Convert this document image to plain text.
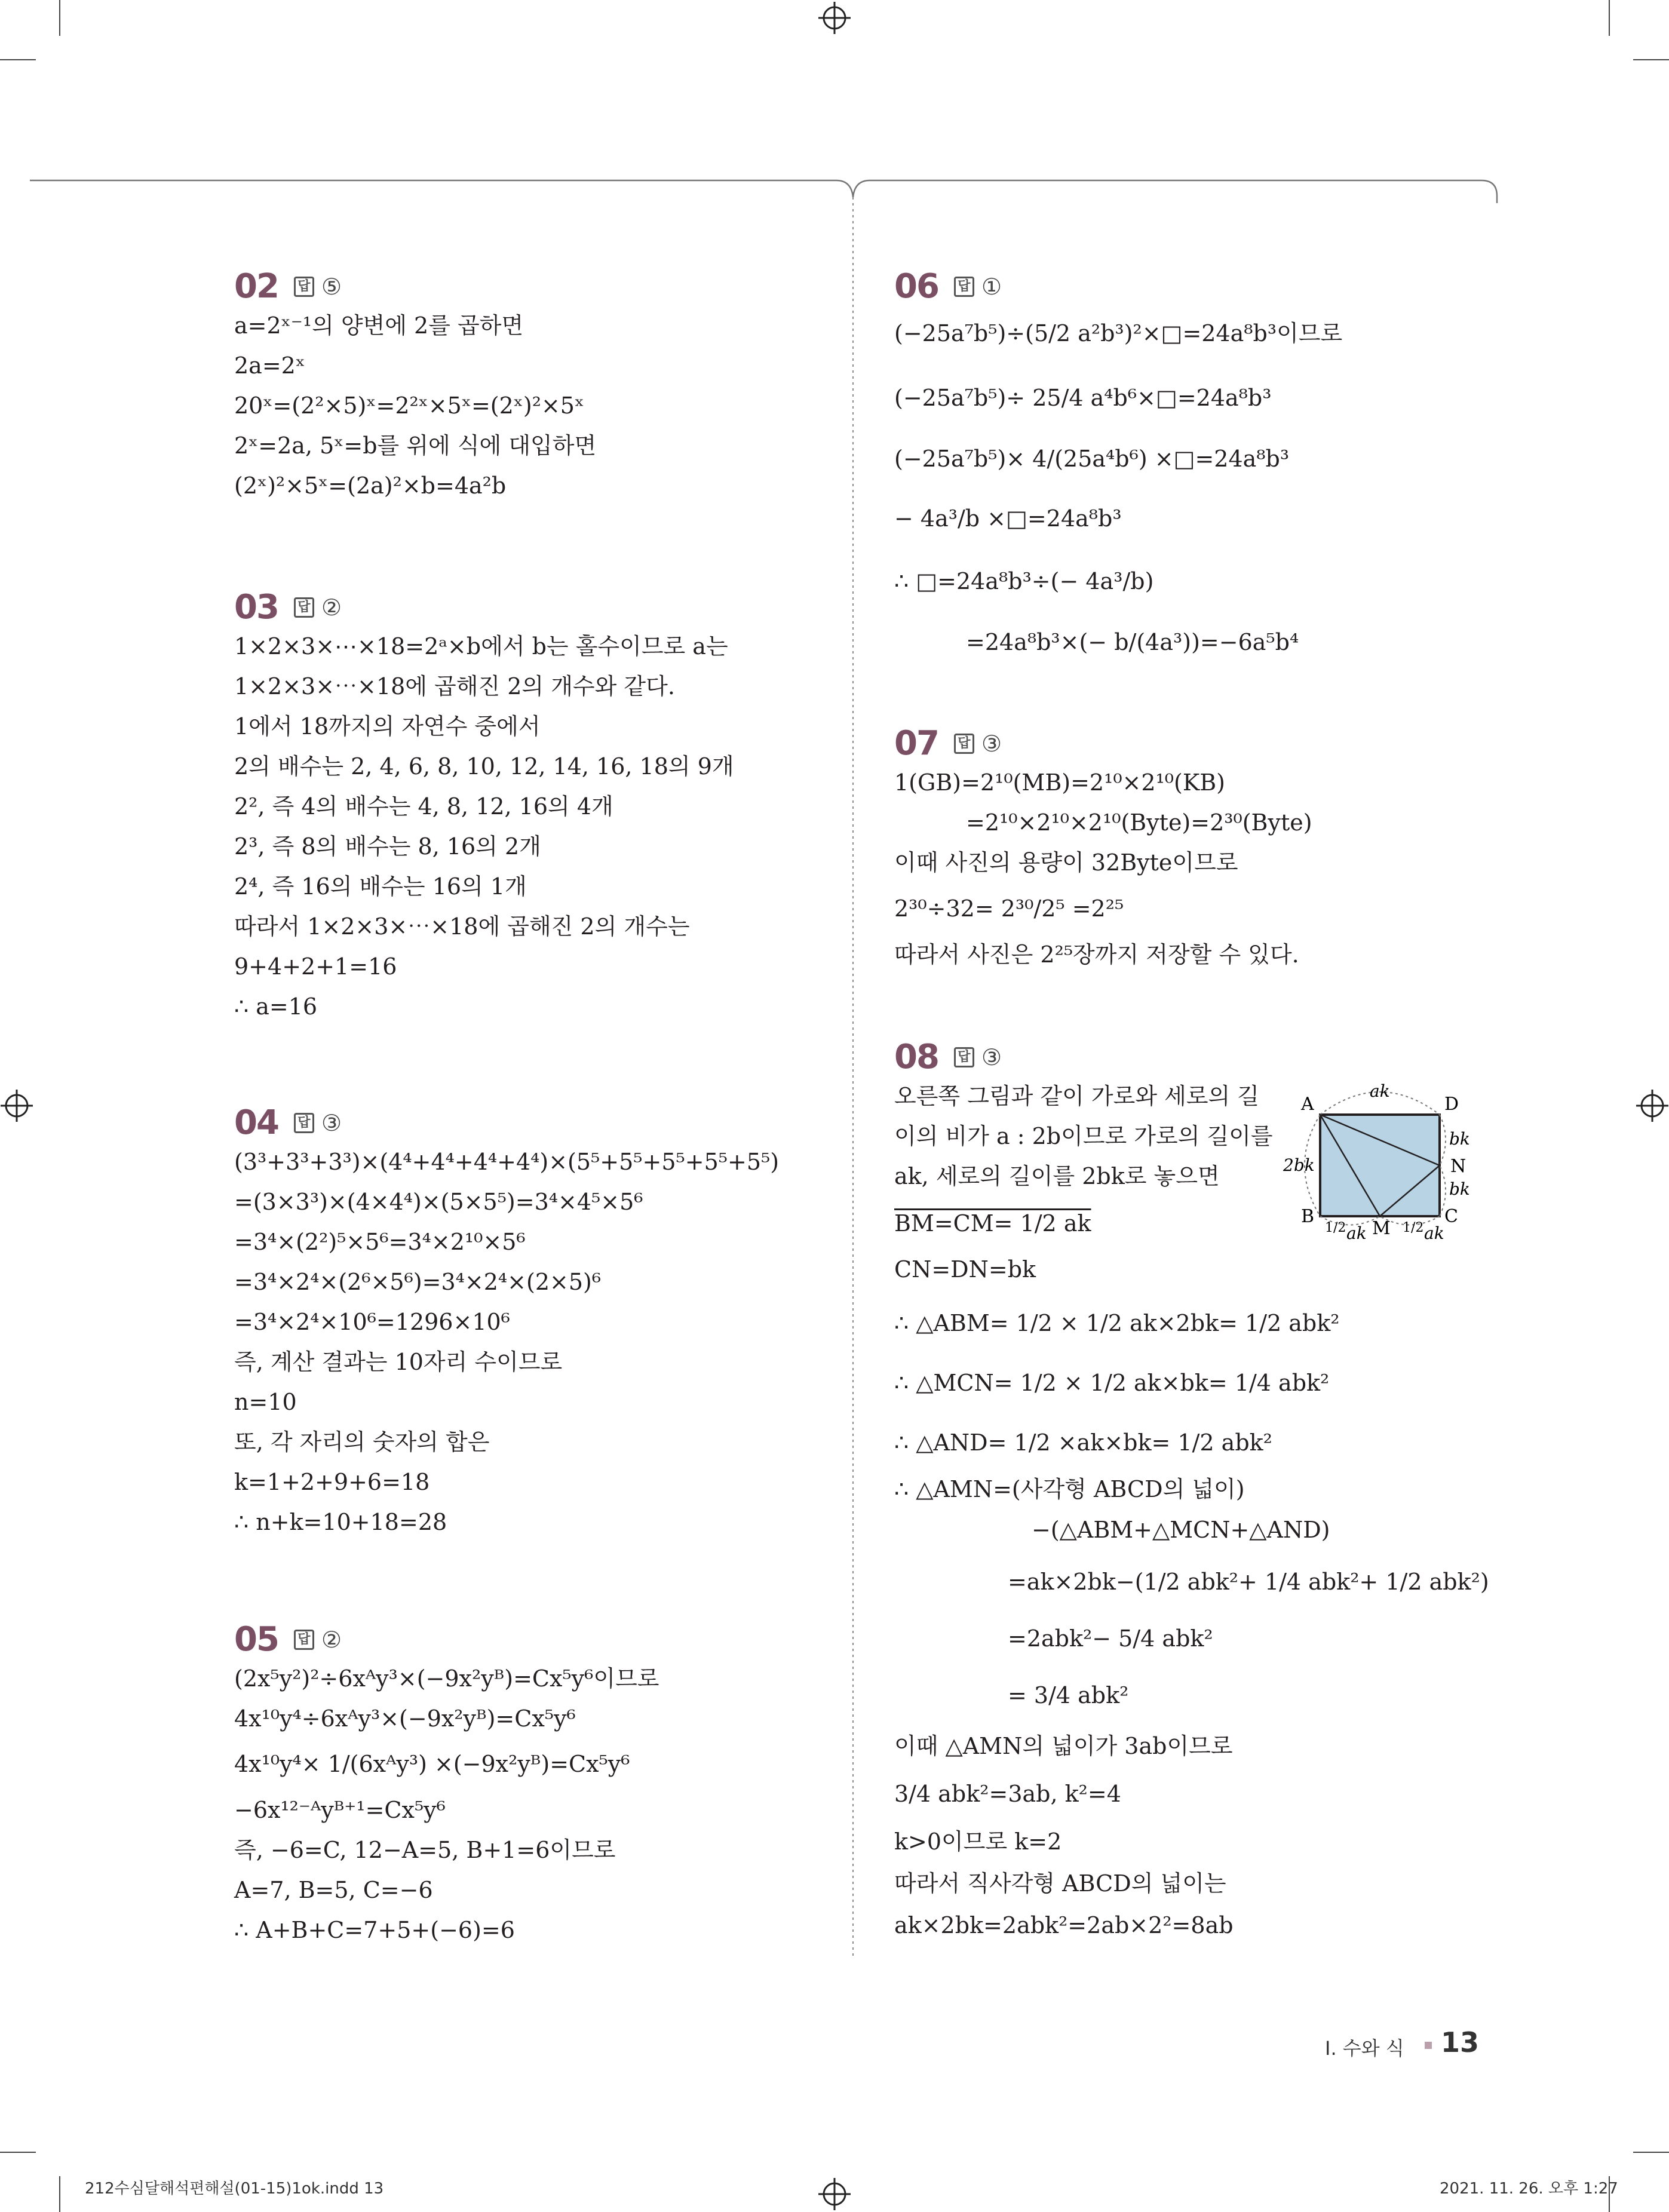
02 답 ⑤
a=2ˣ⁻¹의 양변에 2를 곱하면
2a=2ˣ
20ˣ=(2²×5)ˣ=2²ˣ×5ˣ=(2ˣ)²×5ˣ
2ˣ=2a, 5ˣ=b를 위에 식에 대입하면
(2ˣ)²×5ˣ=(2a)²×b=4a²b
03 답 ②
1×2×3×⋯×18=2ᵃ×b에서 b는 홀수이므로 a는
1×2×3×⋯×18에 곱해진 2의 개수와 같다.
1에서 18까지의 자연수 중에서
2의 배수는 2, 4, 6, 8, 10, 12, 14, 16, 18의 9개
2², 즉 4의 배수는 4, 8, 12, 16의 4개
2³, 즉 8의 배수는 8, 16의 2개
2⁴, 즉 16의 배수는 16의 1개
따라서 1×2×3×⋯×18에 곱해진 2의 개수는
9+4+2+1=16
∴ a=16
04 답 ③
(3³+3³+3³)×(4⁴+4⁴+4⁴+4⁴)×(5⁵+5⁵+5⁵+5⁵+5⁵)
=(3×3³)×(4×4⁴)×(5×5⁵)=3⁴×4⁵×5⁶
=3⁴×(2²)⁵×5⁶=3⁴×2¹⁰×5⁶
=3⁴×2⁴×(2⁶×5⁶)=3⁴×2⁴×(2×5)⁶
=3⁴×2⁴×10⁶=1296×10⁶
즉, 계산 결과는 10자리 수이므로
n=10
또, 각 자리의 숫자의 합은
k=1+2+9+6=18
∴ n+k=10+18=28
05 답 ②
(2x⁵y²)²÷6xᴬy³×(−9x²yᴮ)=Cx⁵y⁶이므로
4x¹⁰y⁴÷6xᴬy³×(−9x²yᴮ)=Cx⁵y⁶
4x¹⁰y⁴× 1/(6xᴬy³) ×(−9x²yᴮ)=Cx⁵y⁶
−6x¹²⁻ᴬyᴮ⁺¹=Cx⁵y⁶
즉, −6=C, 12−A=5, B+1=6이므로
A=7, B=5, C=−6
∴ A+B+C=7+5+(−6)=6
06 답 ①
(−25a⁷b⁵)÷(5/2 a²b³)²×□=24a⁸b³이므로
(−25a⁷b⁵)÷ 25/4 a⁴b⁶×□=24a⁸b³
(−25a⁷b⁵)× 4/(25a⁴b⁶) ×□=24a⁸b³
− 4a³/b ×□=24a⁸b³
∴ □=24a⁸b³÷(− 4a³/b)
=24a⁸b³×(− b/(4a³))=−6a⁵b⁴
07 답 ③
1(GB)=2¹⁰(MB)=2¹⁰×2¹⁰(KB)
=2¹⁰×2¹⁰×2¹⁰(Byte)=2³⁰(Byte)
이때 사진의 용량이 32Byte이므로
2³⁰÷32= 2³⁰/2⁵ =2²⁵
따라서 사진은 2²⁵장까지 저장할 수 있다.
08 답 ③
오른쪽 그림과 같이 가로와 세로의 길
이의 비가 a : 2b이므로 가로의 길이를
ak, 세로의 길이를 2bk로 놓으면
BM=CM= 1/2 ak
CN=DN=bk
∴ △ABM= 1/2 × 1/2 ak×2bk= 1/2 abk²
∴ △MCN= 1/2 × 1/2 ak×bk= 1/4 abk²
∴ △AND= 1/2 ×ak×bk= 1/2 abk²
∴ △AMN=(사각형 ABCD의 넓이)
−(△ABM+△MCN+△AND)
=ak×2bk−(1/2 abk²+ 1/4 abk²+ 1/2 abk²)
=2abk²− 5/4 abk²
= 3/4 abk²
이때 △AMN의 넓이가 3ab이므로
3/4 abk²=3ab, k²=4
k>0이므로 k=2
따라서 직사각형 ABCD의 넓이는
ak×2bk=2abk²=2ab×2²=8ab
A	D
B	C
N
M
ak
2bk
bk
bk
1/2 ak	1/2 ak
Ⅰ. 수와 식 13
212수심달해석편해설(01-15)1ok.indd 13	2021. 11. 26. 오후 1:27
